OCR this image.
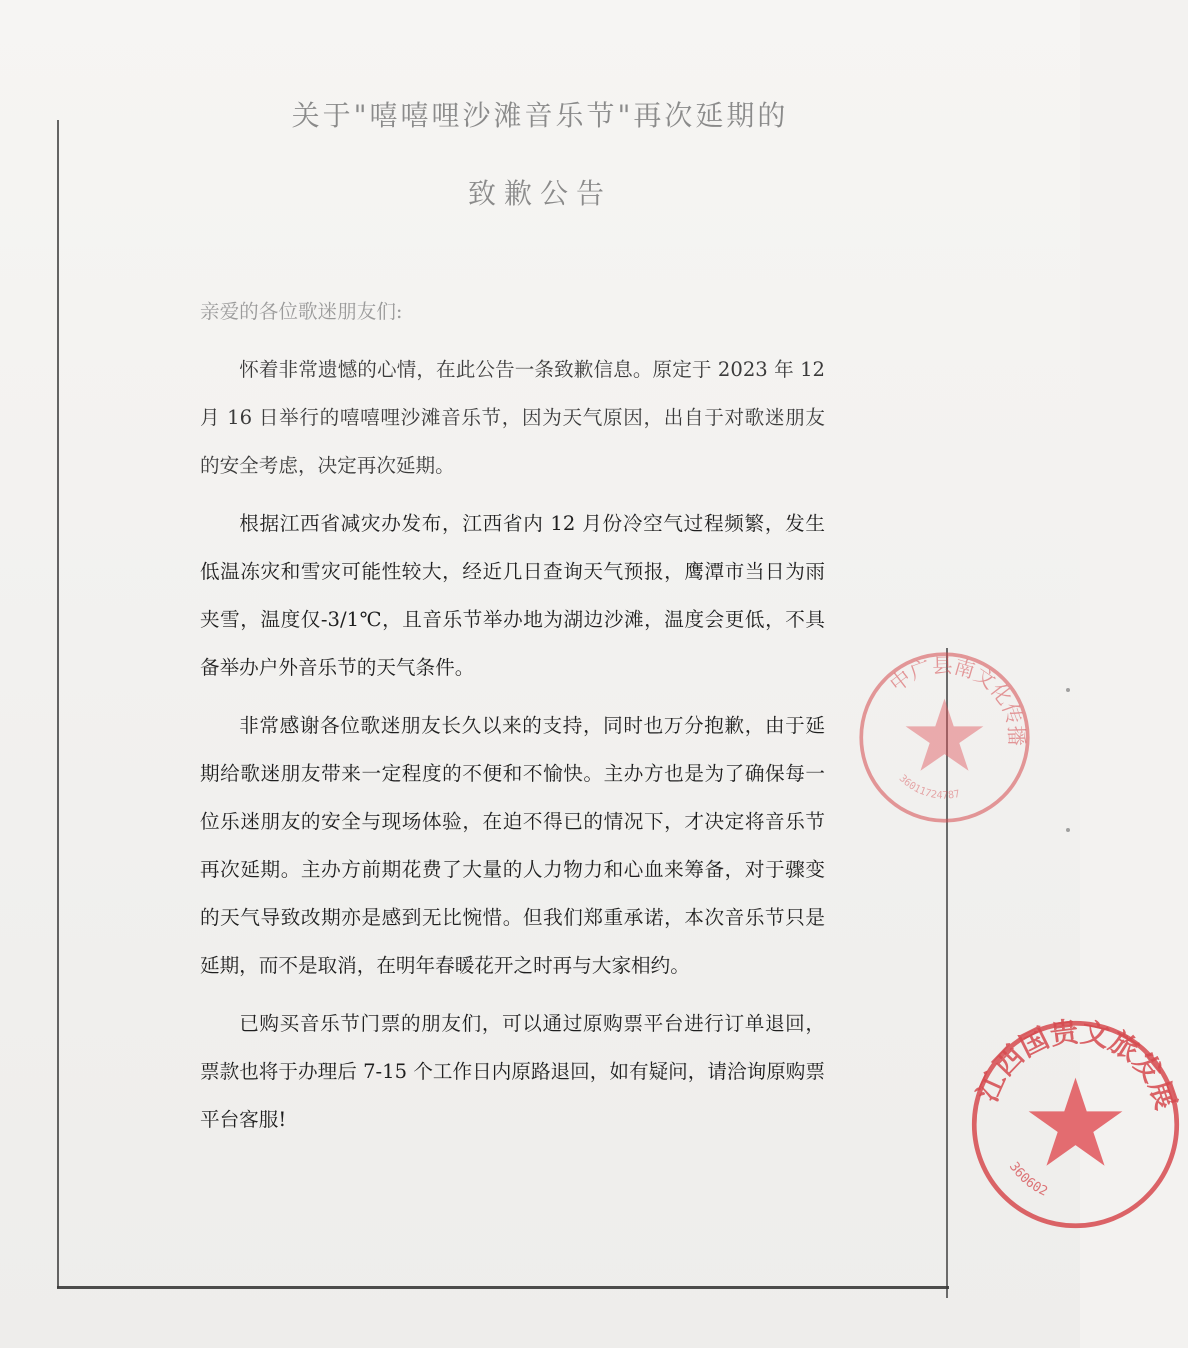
关于"嘻嘻哩沙滩音乐节"再次延期的
致歉公告

亲爱的各位歌迷朋友们:

怀着非常遗憾的心情，在此公告一条致歉信息。原定于 2023 年 12 月 16 日举行的嘻嘻哩沙滩音乐节，因为天气原因，出自于对歌迷朋友的安全考虑，决定再次延期。

根据江西省减灾办发布，江西省内 12 月份冷空气过程频繁，发生低温冻灾和雪灾可能性较大，经近几日查询天气预报，鹰潭市当日为雨夹雪，温度仅-3/1℃，且音乐节举办地为湖边沙滩，温度会更低，不具备举办户外音乐节的天气条件。

非常感谢各位歌迷朋友长久以来的支持，同时也万分抱歉，由于延期给歌迷朋友带来一定程度的不便和不愉快。主办方也是为了确保每一位乐迷朋友的安全与现场体验，在迫不得已的情况下，才决定将音乐节再次延期。主办方前期花费了大量的人力物力和心血来筹备，对于骤变的天气导致改期亦是感到无比惋惜。但我们郑重承诺，本次音乐节只是延期，而不是取消，在明年春暖花开之时再与大家相约。

已购买音乐节门票的朋友们，可以通过原购票平台进行订单退回，票款也将于办理后 7-15 个工作日内原路退回，如有疑问，请洽询原购票平台客服!

中广县南文化传播
36011724787
江西国贵文旅发展
360602
